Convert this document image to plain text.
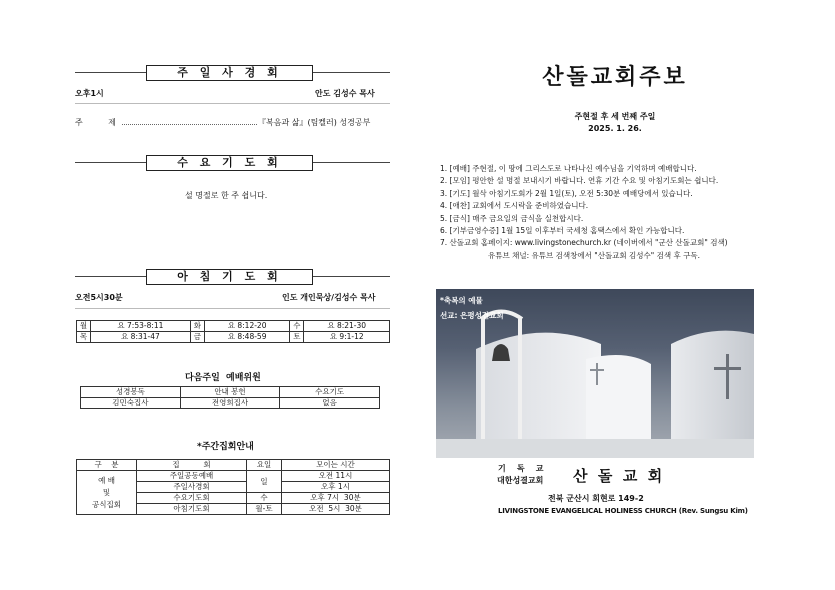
주 일 사 경 회
오후1시	안도 김성수 목사
주          제	『복음과 삶』(팀켈러) 성경공부
수 요 기 도 회
설 명절로 한 주 쉽니다.
아 침 기 도 회
오전5시30분	인도 개인묵상/김성수 목사
월	요 7:53-8:11	화	요 8:12-20	수	요 8:21-30
목	요 8:31-47	금	요 8:48-59	토	요 9:1-12
다음주일  예배위원
성경봉독	안내 봉헌	수요기도
김민숙집사	전영희집사	없음
*주간집회안내
구    분	집          회	요일	모이는 시간

예 배
및
공식집회	주일공동예배	일	오전 11시
	주일사경회		오후 1시
	수요기도회	수	오후 7시  30분
	아침기도회	월-토	오전  5시  30분
산돌교회주보
주현절 후 세 번째 주일
2025. 1. 26.
1. [예배] 주현절, 이 땅에 그리스도로 나타나신 예수님을 기억하며 예배합니다.
2. [모임] 평안한 설 명절 보내시기 바랍니다. 연휴 기간 수요 및 아침기도회는 쉽니다.
3. [기도] 월삭 아침기도회가 2월 1일(토), 오전 5:30분 예배당에서 있습니다.
4. [애찬] 교회에서 도시락을 준비하였습니다.
5. [금식] 매주 금요일의 금식을 실천합시다.
6. [기부금영수증] 1월 15일 이후부터 국세청 홈택스에서 확인 가능합니다.
7. 산돌교회 홈페이지: www.livingstonechurch.kr (네이버에서 "군산 산돌교회" 검색)
유튜브 채널: 유튜브 검색창에서 "산돌교회 김성수" 검색 후 구독.
*축복의 예물
선교: 은평성결교회
기    독    교
대한성결교회 산  돌  교  회
전북 군산시 회현로 149-2
LIVINGSTONE EVANGELICAL HOLINESS CHURCH (Rev. Sungsu Kim)
